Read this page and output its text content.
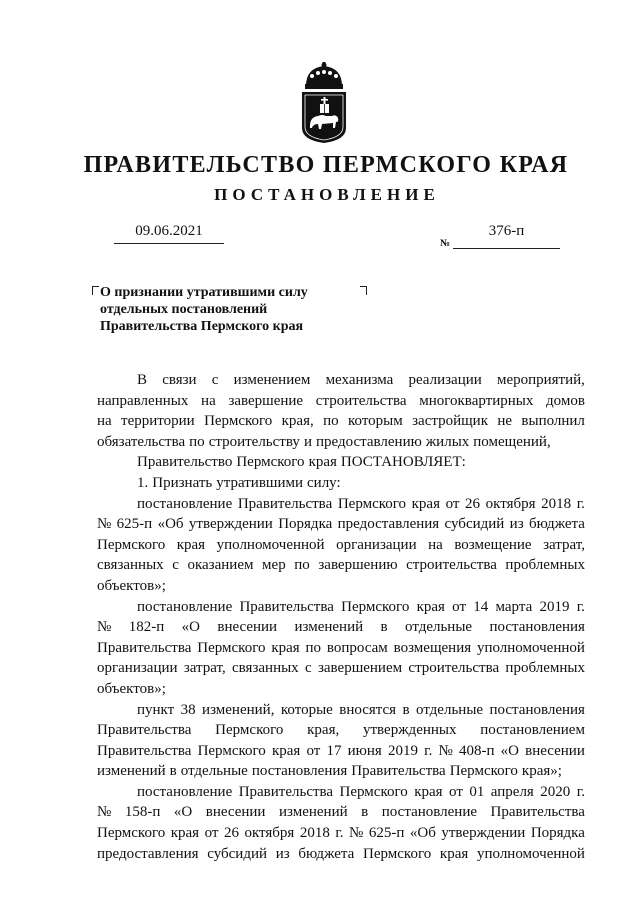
ПРАВИТЕЛЬСТВО ПЕРМСКОГО КРАЯ
ПОСТАНОВЛЕНИЕ
09.06.2021
№
376-п
О признании утратившими силу
отдельных постановлений
Правительства Пермского края
В связи с изменением механизма реализации мероприятий,
направленных на завершение строительства многоквартирных домов
на территории Пермского края, по которым застройщик не выполнил
обязательства по строительству и предоставлению жилых помещений,
Правительство Пермского края ПОСТАНОВЛЯЕТ:
1. Признать утратившими силу:
постановление Правительства Пермского края от 26 октября 2018 г.
№ 625-п «Об утверждении Порядка предоставления субсидий из бюджета
Пермского края уполномоченной организации на возмещение затрат,
связанных с оказанием мер по завершению строительства проблемных
объектов»;
постановление Правительства Пермского края от 14 марта 2019 г.
№ 182-п «О внесении изменений в отдельные постановления
Правительства Пермского края по вопросам возмещения уполномоченной
организации затрат, связанных с завершением строительства проблемных
объектов»;
пункт 38 изменений, которые вносятся в отдельные постановления
Правительства Пермского края, утвержденных постановлением
Правительства Пермского края от 17 июня 2019 г. № 408-п «О внесении
изменений в отдельные постановления Правительства Пермского края»;
постановление Правительства Пермского края от 01 апреля 2020 г.
№ 158-п «О внесении изменений в постановление Правительства
Пермского края от 26 октября 2018 г. № 625-п «Об утверждении Порядка
предоставления субсидий из бюджета Пермского края уполномоченной
